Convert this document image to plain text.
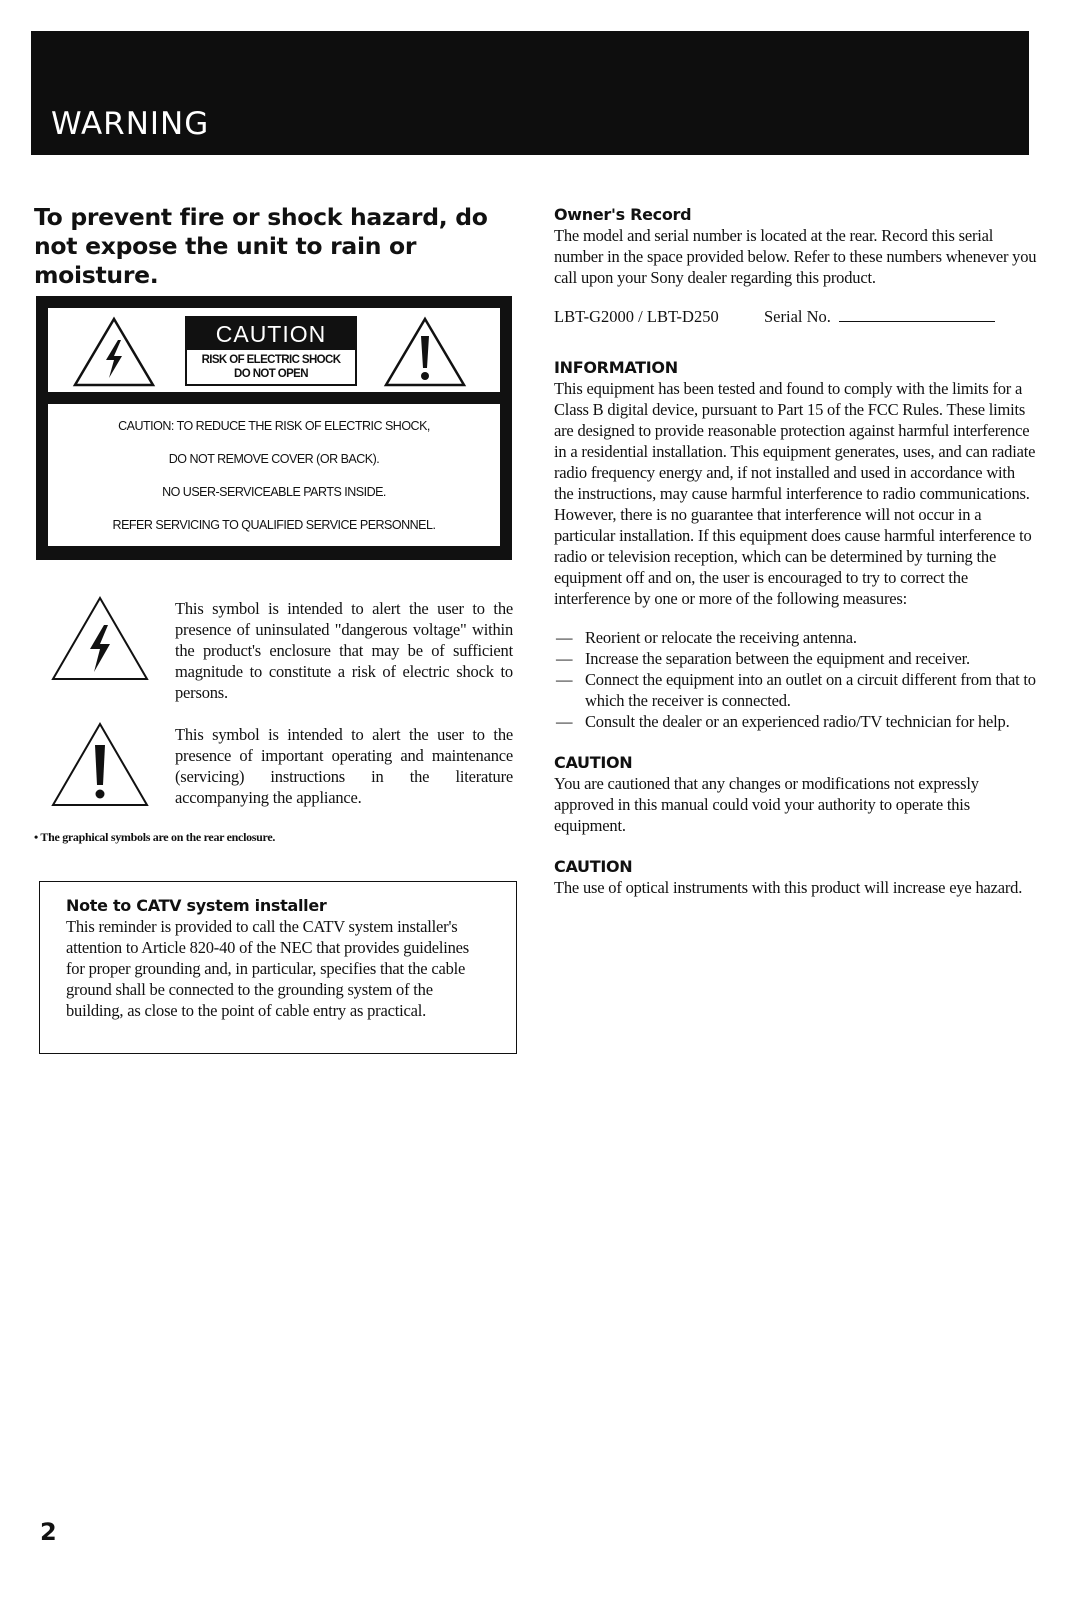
WARNING
To prevent fire or shock hazard, do not expose the unit to rain or moisture.
CAUTION
RISK OF ELECTRIC SHOCK
DO NOT OPEN
CAUTION: TO REDUCE THE RISK OF ELECTRIC SHOCK,
DO NOT REMOVE COVER (OR BACK).
NO USER-SERVICEABLE PARTS INSIDE.
REFER SERVICING TO QUALIFIED SERVICE PERSONNEL.
This symbol is intended to alert the user to the presence of uninsulated "dangerous voltage" within the product's enclosure that may be of sufficient magnitude to constitute a risk of electric shock to persons.
This symbol is intended to alert the user to the presence of important operating and maintenance (servicing) instructions in the literature accompanying the appliance.
• The graphical symbols are on the rear enclosure.
Note to CATV system installer
This reminder is provided to call the CATV system installer's attention to Article 820-40 of the NEC that provides guidelines for proper grounding and, in particular, specifies that the cable ground shall be connected to the grounding system of the building, as close to the point of cable entry as practical.
Owner's Record

The model and serial number is located at the rear. Record this serial number in the space provided below. Refer to these numbers whenever you call upon your Sony dealer regarding this product.

LBT-G2000 / LBT-D250	Serial No.
INFORMATION

This equipment has been tested and found to comply with the limits for a Class B digital device, pursuant to Part 15 of the FCC Rules. These limits are designed to provide reasonable protection against harmful interference in a residential installation. This equipment generates, uses, and can radiate radio frequency energy and, if not installed and used in accordance with the instructions, may cause harmful interference to radio communications. However, there is no guarantee that interference will not occur in a particular installation. If this equipment does cause harmful interference to radio or television reception, which can be determined by turning the equipment off and on, the user is encouraged to try to correct the interference by one or more of the following measures:

— Reorient or relocate the receiving antenna.
— Increase the separation between the equipment and receiver.
— Connect the equipment into an outlet on a circuit different from that to which the receiver is connected.
— Consult the dealer or an experienced radio/TV technician for help.
CAUTION

You are cautioned that any changes or modifications not expressly approved in this manual could void your authority to operate this equipment.

CAUTION

The use of optical instruments with this product will increase eye hazard.

2
